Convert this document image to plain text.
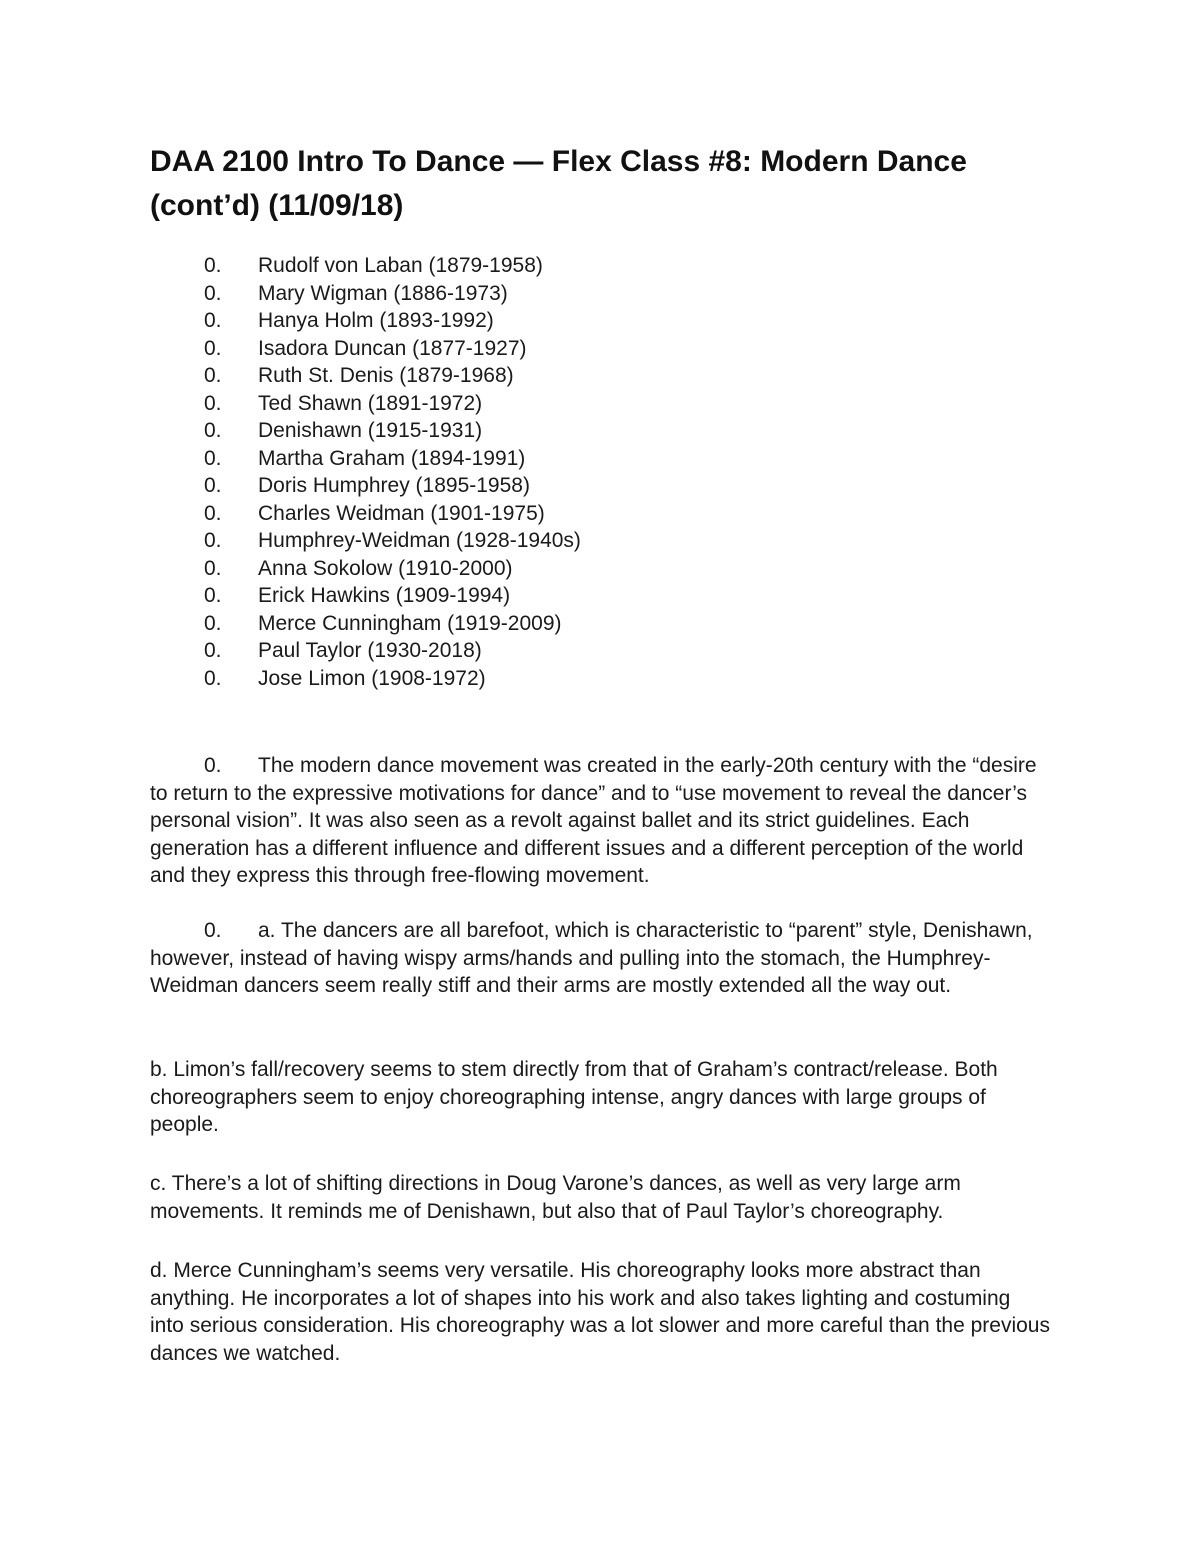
DAA 2100 Intro To Dance — Flex Class #8: Modern Dance (cont’d) (11/09/18)
0. Rudolf von Laban (1879-1958)
0. Mary Wigman (1886-1973)
0. Hanya Holm (1893-1992)
0. Isadora Duncan (1877-1927)
0. Ruth St. Denis (1879-1968)
0. Ted Shawn (1891-1972)
0. Denishawn (1915-1931)
0. Martha Graham (1894-1991)
0. Doris Humphrey (1895-1958)
0. Charles Weidman (1901-1975)
0. Humphrey-Weidman (1928-1940s)
0. Anna Sokolow (1910-2000)
0. Erick Hawkins (1909-1994)
0. Merce Cunningham (1919-2009)
0. Paul Taylor (1930-2018)
0. Jose Limon (1908-1972)

0. The modern dance movement was created in the early-20th century with the “desire to return to the expressive motivations for dance” and to “use movement to reveal the dancer’s personal vision”. It was also seen as a revolt against ballet and its strict guidelines. Each generation has a different influence and different issues and a different perception of the world and they express this through free-flowing movement.

0. a. The dancers are all barefoot, which is characteristic to “parent” style, Denishawn, however, instead of having wispy arms/hands and pulling into the stomach, the Humphrey-Weidman dancers seem really stiff and their arms are mostly extended all the way out.

b. Limon’s fall/recovery seems to stem directly from that of Graham’s contract/release. Both choreographers seem to enjoy choreographing intense, angry dances with large groups of people.

c. There’s a lot of shifting directions in Doug Varone’s dances, as well as very large arm movements. It reminds me of Denishawn, but also that of Paul Taylor’s choreography.

d. Merce Cunningham’s seems very versatile. His choreography looks more abstract than anything. He incorporates a lot of shapes into his work and also takes lighting and costuming into serious consideration. His choreography was a lot slower and more careful than the previous dances we watched.
